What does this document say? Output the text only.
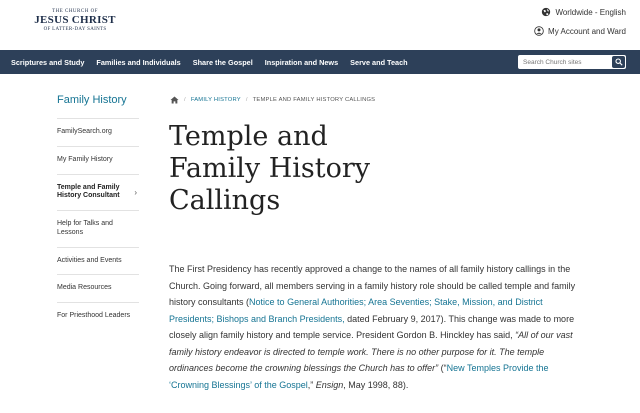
THE CHURCH OF
JESUS CHRIST
OF LATTER-DAY SAINTS
Worldwide - English
My Account and Ward
Scriptures and Study Families and Individuals Share the Gospel Inspiration and News Serve and Teach
Search Church sites
Family History
FamilySearch.org
My Family History
Temple and Family History Consultant ›
Help for Talks and Lessons
Activities and Events
Media Resources
For Priesthood Leaders
/ FAMILY HISTORY / TEMPLE AND FAMILY HISTORY CALLINGS
Temple and
Family History
Callings

The First Presidency has recently approved a change to the names of all family history callings in the Church. Going forward, all members serving in a family history role should be called temple and family history consultants (Notice to General Authorities; Area Seventies; Stake, Mission, and District Presidents; Bishops and Branch Presidents, dated February 9, 2017). This change was made to more closely align family history and temple service. President Gordon B. Hinckley has said, “All of our vast family history endeavor is directed to temple work. There is no other purpose for it. The temple ordinances become the crowning blessings the Church has to offer” (“New Temples Provide the ‘Crowning Blessings’ of the Gospel,” Ensign, May 1998, 88).
